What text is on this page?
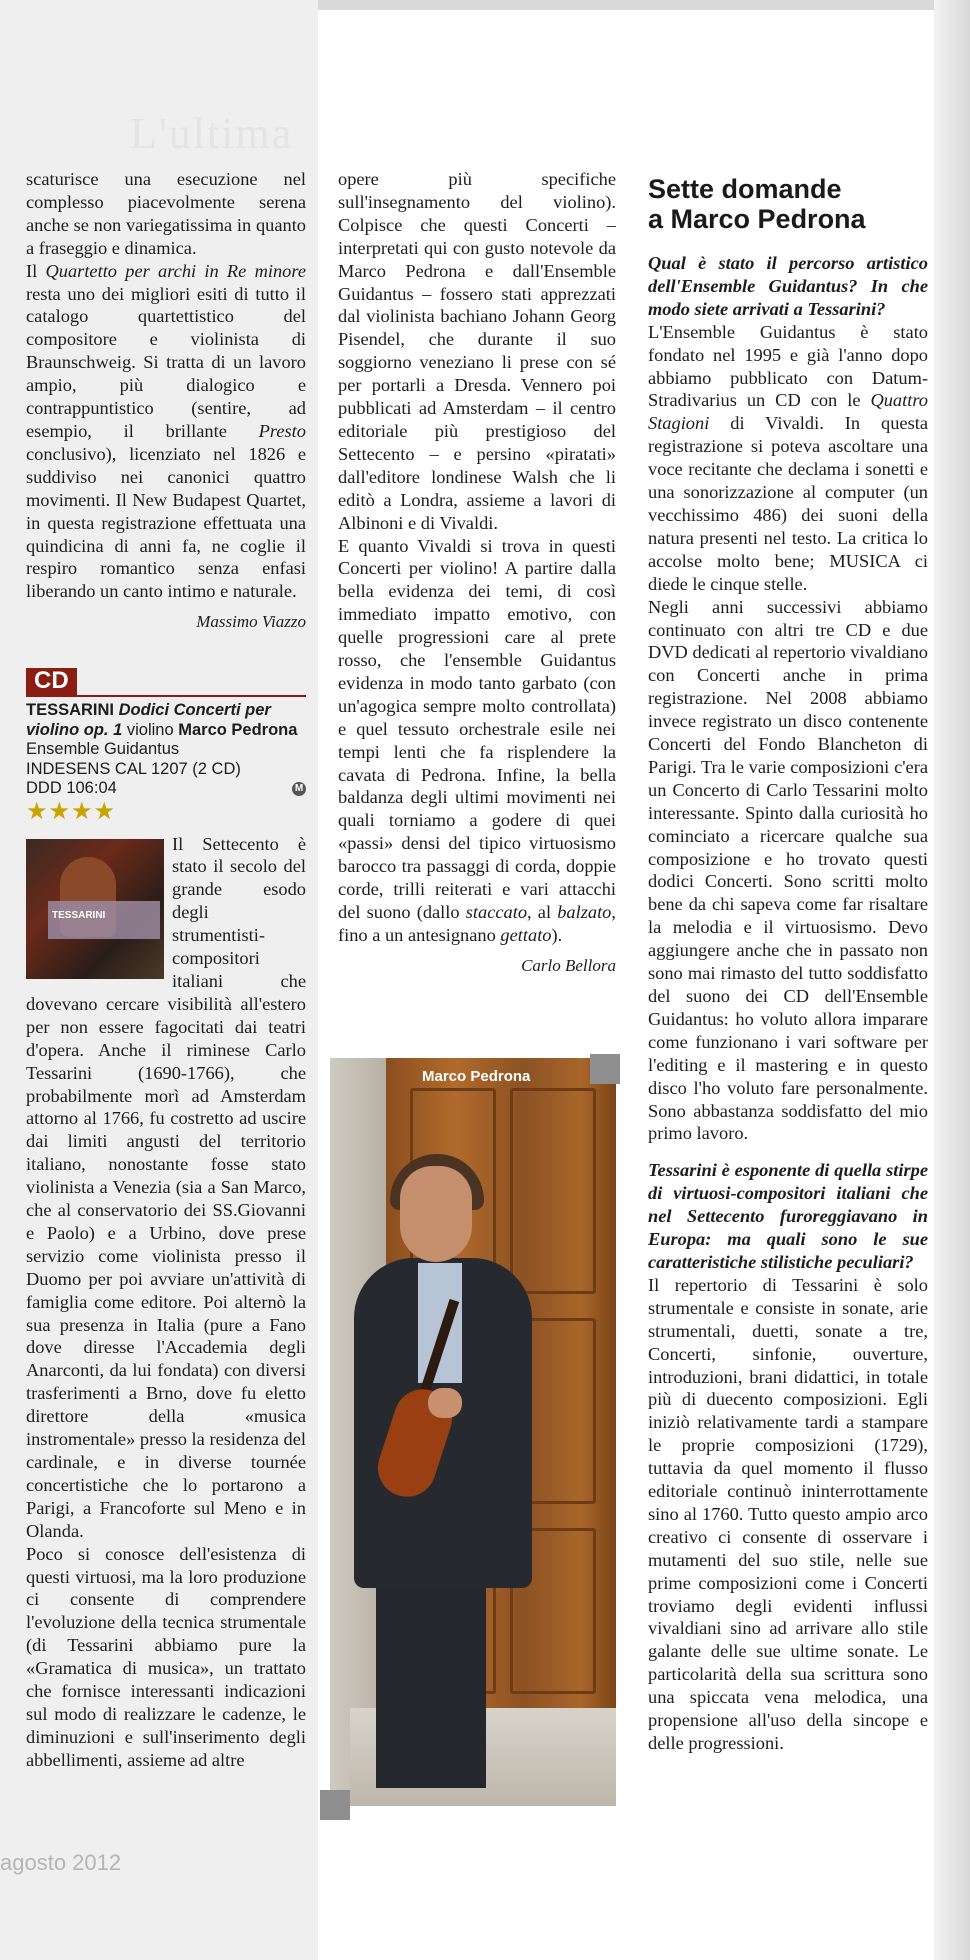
L'ultima

scaturisce una esecuzione nel complesso piacevolmente serena anche se non variegatissima in quanto a fraseggio e dinamica.

Il Quartetto per archi in Re minore resta uno dei migliori esiti di tutto il catalogo quartettistico del compositore e violinista di Braunschweig. Si tratta di un lavoro ampio, più dialogico e contrappuntistico (sentire, ad esempio, il brillante Presto conclusivo), licenziato nel 1826 e suddiviso nei canonici quattro movimenti. Il New Budapest Quartet, in questa registrazione effettuata una quindicina di anni fa, ne coglie il respiro romantico senza enfasi liberando un canto intimo e naturale.

Massimo Viazzo
CD
TESSARINI Dodici Concerti per violino op. 1 violino Marco Pedrona Ensemble Guidantus
INDESENS CAL 1207 (2 CD)
DDD 106:04	M
★★★★
TESSARINI

Il Settecento è stato il secolo del grande esodo degli strumentisti-compositori italiani che dovevano cercare visibilità all'estero per non essere fagocitati dai teatri d'opera. Anche il riminese Carlo Tessarini (1690-1766), che probabilmente morì ad Amsterdam attorno al 1766, fu costretto ad uscire dai limiti angusti del territorio italiano, nonostante fosse stato violinista a Venezia (sia a San Marco, che al conservatorio dei SS.Giovanni e Paolo) e a Urbino, dove prese servizio come violinista presso il Duomo per poi avviare un'attività di famiglia come editore. Poi alternò la sua presenza in Italia (pure a Fano dove diresse l'Accademia degli Anarconti, da lui fondata) con diversi trasferimenti a Brno, dove fu eletto direttore della «musica instromentale» presso la residenza del cardinale, e in diverse tournée concertistiche che lo portarono a Parigi, a Francoforte sul Meno e in Olanda.

Poco si conosce dell'esistenza di questi virtuosi, ma la loro produzione ci consente di comprendere l'evoluzione della tecnica strumentale (di Tessarini abbiamo pure la «Gramatica di musica», un trattato che fornisce interessanti indicazioni sul modo di realizzare le cadenze, le diminuzioni e sull'inserimento degli abbellimenti, assieme ad altre

opere più specifiche sull'insegnamento del violino). Colpisce che questi Concerti – interpretati qui con gusto notevole da Marco Pedrona e dall'Ensemble Guidantus – fossero stati apprezzati dal violinista bachiano Johann Georg Pisendel, che durante il suo soggiorno veneziano li prese con sé per portarli a Dresda. Vennero poi pubblicati ad Amsterdam – il centro editoriale più prestigioso del Settecento – e persino «piratati» dall'editore londinese Walsh che li editò a Londra, assieme a lavori di Albinoni e di Vivaldi.

E quanto Vivaldi si trova in questi Concerti per violino! A partire dalla bella evidenza dei temi, di così immediato impatto emotivo, con quelle progressioni care al prete rosso, che l'ensemble Guidantus evidenza in modo tanto garbato (con un'agogica sempre molto controllata) e quel tessuto orchestrale esile nei tempi lenti che fa risplendere la cavata di Pedrona. Infine, la bella baldanza degli ultimi movimenti nei quali torniamo a godere di quei «passi» densi del tipico virtuosismo barocco tra passaggi di corda, doppie corde, trilli reiterati e vari attacchi del suono (dallo staccato, al balzato, fino a un antesignano gettato).

Carlo Bellora
Marco Pedrona
Sette domande
a Marco Pedrona

Qual è stato il percorso artistico dell'Ensemble Guidantus? In che modo siete arrivati a Tessarini?

L'Ensemble Guidantus è stato fondato nel 1995 e già l'anno dopo abbiamo pubblicato con Datum-Stradivarius un CD con le Quattro Stagioni di Vivaldi. In questa registrazione si poteva ascoltare una voce recitante che declama i sonetti e una sonorizzazione al computer (un vecchissimo 486) dei suoni della natura presenti nel testo. La critica lo accolse molto bene; MUSICA ci diede le cinque stelle.

Negli anni successivi abbiamo continuato con altri tre CD e due DVD dedicati al repertorio vivaldiano con Concerti anche in prima registrazione. Nel 2008 abbiamo invece registrato un disco contenente Concerti del Fondo Blancheton di Parigi. Tra le varie composizioni c'era un Concerto di Carlo Tessarini molto interessante. Spinto dalla curiosità ho cominciato a ricercare qualche sua composizione e ho trovato questi dodici Concerti. Sono scritti molto bene da chi sapeva come far risaltare la melodia e il virtuosismo. Devo aggiungere anche che in passato non sono mai rimasto del tutto soddisfatto del suono dei CD dell'Ensemble Guidantus: ho voluto allora imparare come funzionano i vari software per l'editing e il mastering e in questo disco l'ho voluto fare personalmente. Sono abbastanza soddisfatto del mio primo lavoro.

Tessarini è esponente di quella stirpe di virtuosi-compositori italiani che nel Settecento furoreggiavano in Europa: ma quali sono le sue caratteristiche stilistiche peculiari?

Il repertorio di Tessarini è solo strumentale e consiste in sonate, arie strumentali, duetti, sonate a tre, Concerti, sinfonie, ouverture, introduzioni, brani didattici, in totale più di duecento composizioni. Egli iniziò relativamente tardi a stampare le proprie composizioni (1729), tuttavia da quel momento il flusso editoriale continuò ininterrottamente sino al 1760. Tutto questo ampio arco creativo ci consente di osservare i mutamenti del suo stile, nelle sue prime composizioni come i Concerti troviamo degli evidenti influssi vivaldiani sino ad arrivare allo stile galante delle sue ultime sonate. Le particolarità della sua scrittura sono una spiccata vena melodica, una propensione all'uso della sincope e delle progressioni.

agosto 2012
